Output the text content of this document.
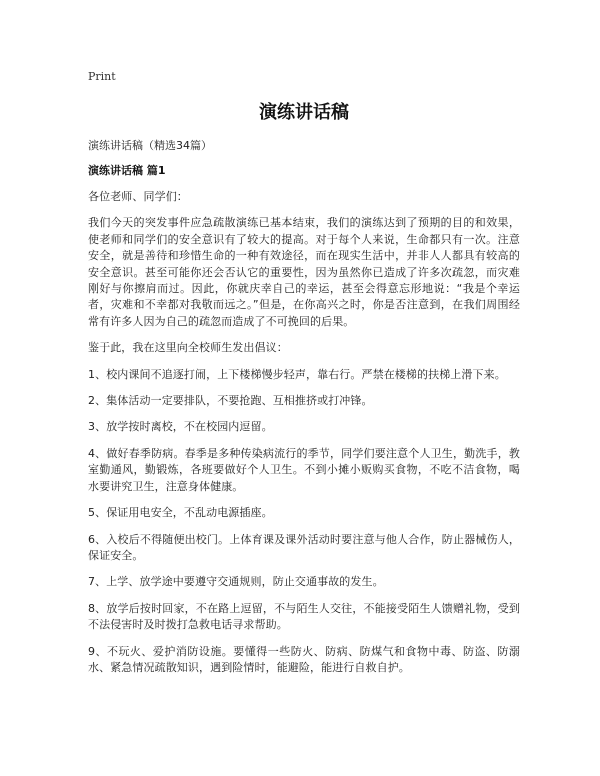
Print
演练讲话稿
演练讲话稿（精选34篇）
演练讲话稿 篇1
各位老师、同学们：
我们今天的突发事件应急疏散演练已基本结束，我们的演练达到了预期的目的和效果，使老师和同学们的安全意识有了较大的提高。对于每个人来说，生命都只有一次。注意安全，就是善待和珍惜生命的一种有效途径，而在现实生活中，并非人人都具有较高的安全意识。甚至可能你还会否认它的重要性，因为虽然你已造成了许多次疏忽，而灾难刚好与你擦肩而过。因此，你就庆幸自己的幸运，甚至会得意忘形地说：“我是个幸运者，灾难和不幸都对我敬而远之。”但是，在你高兴之时，你是否注意到，在我们周围经常有许多人因为自己的疏忽而造成了不可挽回的后果。
鉴于此，我在这里向全校师生发出倡议：
1、校内课间不追逐打闹，上下楼梯慢步轻声，靠右行。严禁在楼梯的扶梯上滑下来。
2、集体活动一定要排队，不要抢跑、互相推挤或打冲锋。
3、放学按时离校，不在校园内逗留。
4、做好春季防病。春季是多种传染病流行的季节，同学们要注意个人卫生，勤洗手，教室勤通风，勤锻炼，各班要做好个人卫生。不到小摊小贩购买食物，不吃不洁食物，喝水要讲究卫生，注意身体健康。
5、保证用电安全，不乱动电源插座。
6、入校后不得随便出校门。上体育课及课外活动时要注意与他人合作，防止器械伤人，保证安全。
7、上学、放学途中要遵守交通规则，防止交通事故的发生。
8、放学后按时回家，不在路上逗留，不与陌生人交往，不能接受陌生人馈赠礼物，受到不法侵害时及时拨打急救电话寻求帮助。
9、不玩火、爱护消防设施。要懂得一些防火、防病、防煤气和食物中毒、防盗、防溺水、紧急情况疏散知识，遇到险情时，能避险，能进行自救自护。
